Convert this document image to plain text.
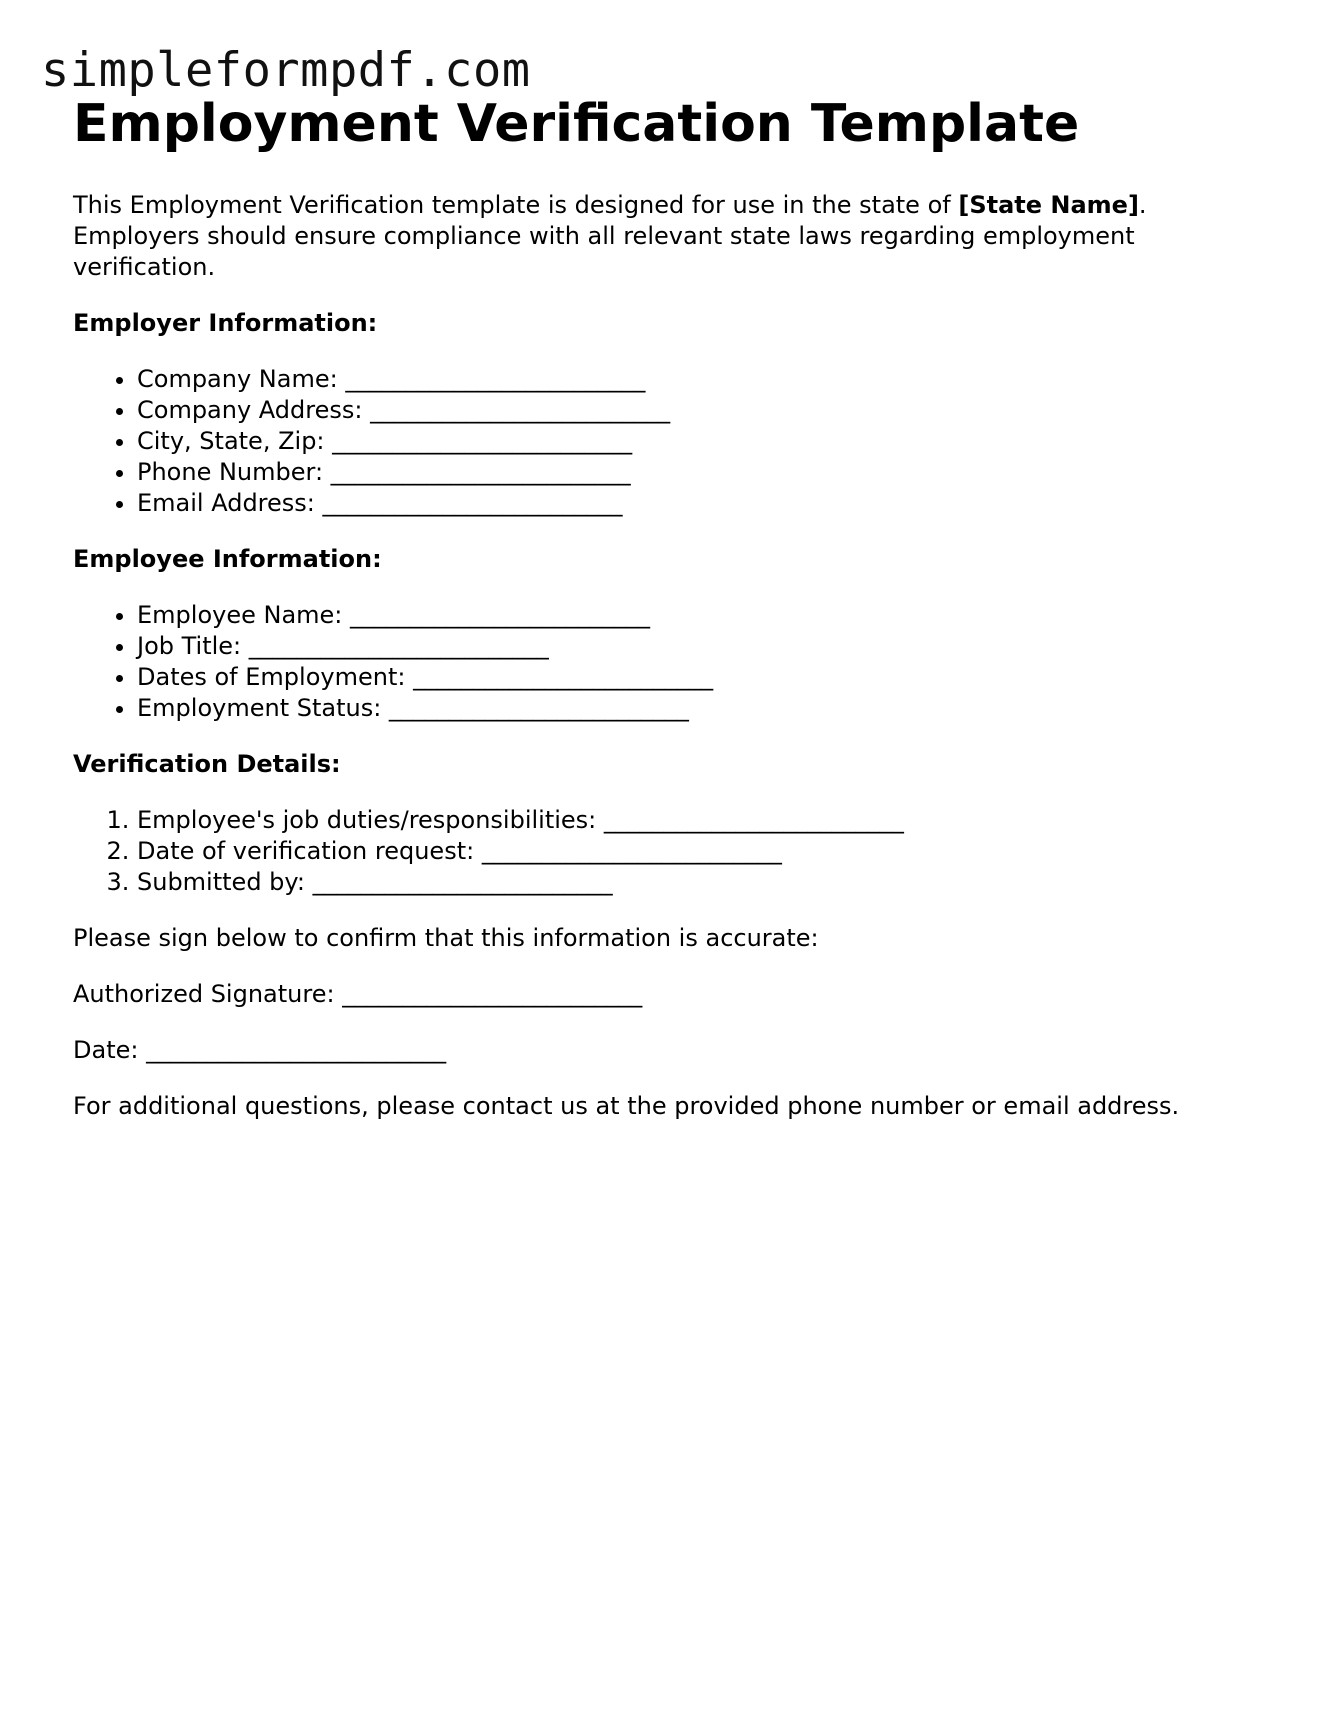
simpleformpdf.com
Employment Verification Template

This Employment Verification template is designed for use in the state of [State Name]. Employers should ensure compliance with all relevant state laws regarding employment verification.

Employer Information:
• Company Name: _________________________
• Company Address: _________________________
• City, State, Zip: _________________________
• Phone Number: _________________________
• Email Address: _________________________
Employee Information:
• Employee Name: _________________________
• Job Title: _________________________
• Dates of Employment: _________________________
• Employment Status: _________________________
Verification Details:
1. Employee's job duties/responsibilities: _________________________
2. Date of verification request: _________________________
3. Submitted by: _________________________

Please sign below to confirm that this information is accurate:

Authorized Signature: _________________________

Date: _________________________

For additional questions, please contact us at the provided phone number or email address.
